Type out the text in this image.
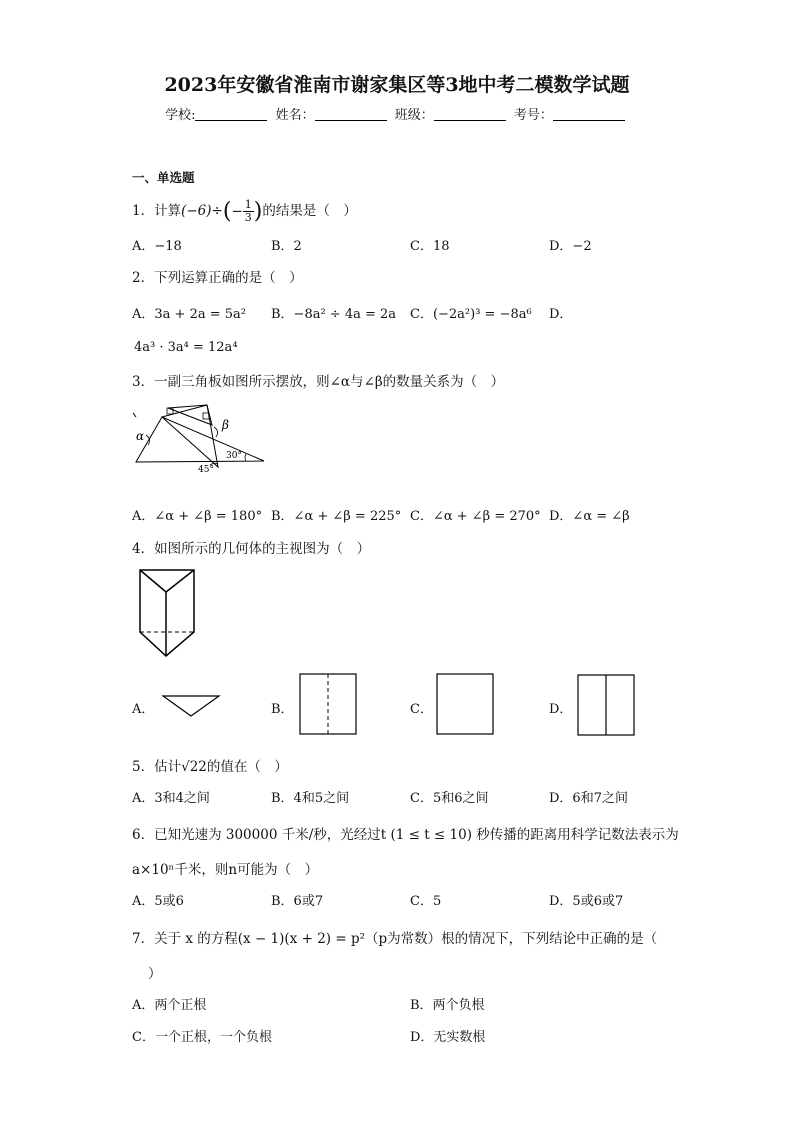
2023年安徽省淮南市谢家集区等3地中考二模数学试题
学校:	姓名：	班级：	考号：
一、单选题
1．计算$(-6)\div(- \frac{1}{3}$ )的结果是（　）
A．−18	B．2	C．18	D．−2
2．下列运算正确的是（　）
A．3a + 2a = 5a² B．−8a² ÷ 4a = 2a C．(−2a²)³ = −8a⁶ D．
4a³ · 3a⁴ = 12a⁴
3．一副三角板如图所示摆放，则∠α与∠β的数量关系为（　）
α
β
30°
45°
A．∠α + ∠β = 180° B．∠α + ∠β = 225° C．∠α + ∠β = 270° D．∠α = ∠β
4．如图所示的几何体的主视图为（　）
A．	B．	C．	D．
5．估计√22的值在（　）
A．3和4之间	B．4和5之间	C．5和6之间	D．6和7之间
6．已知光速为 300000 千米/秒，光经过t (1 ≤ t ≤ 10) 秒传播的距离用科学记数法表示为
a×10ⁿ千米，则n可能为（　）
A．5或6	B．6或7	C．5	D．5或6或7
7．关于 x 的方程(x − 1)(x + 2) = p²（p为常数）根的情况下，下列结论中正确的是（
）
A．两个正根	B．两个负根
C．一个正根，一个负根	D．无实数根
